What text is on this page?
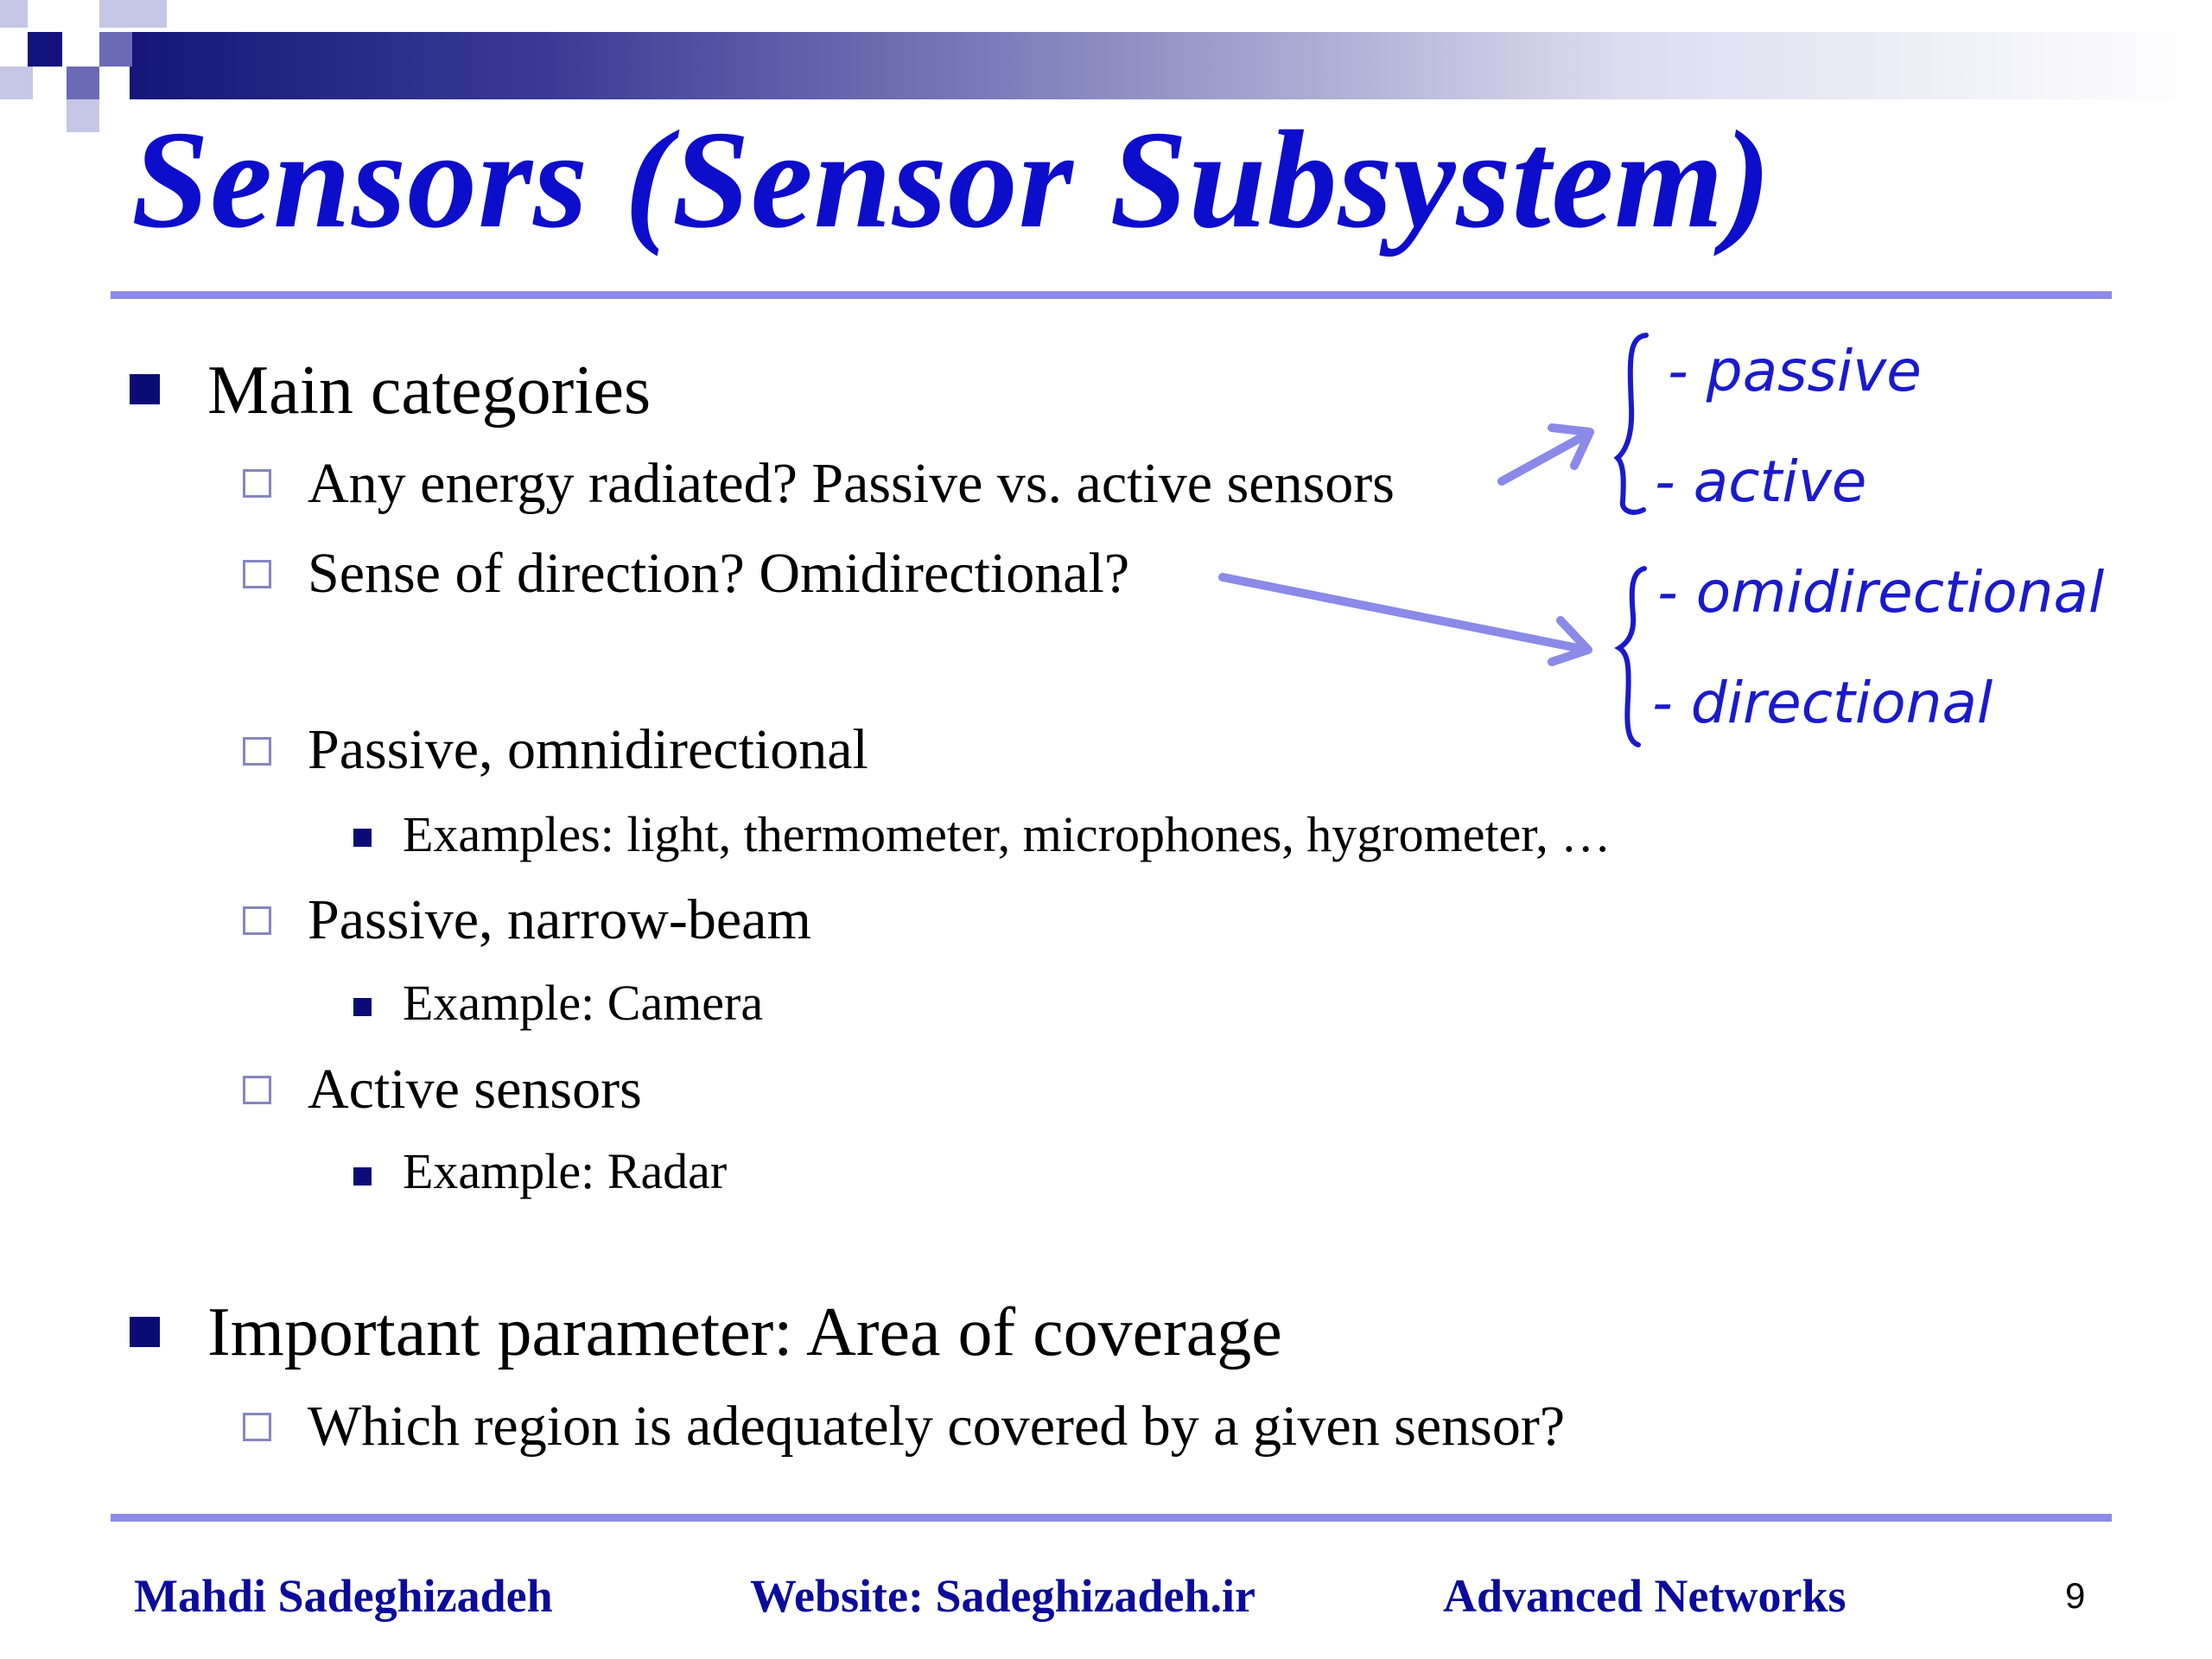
Sensors (Sensor Subsystem)
Main categories
Any energy radiated? Passive vs. active sensors
Sense of direction? Omidirectional?
Passive, omnidirectional
Examples: light, thermometer, microphones, hygrometer, …
Passive, narrow-beam
Example: Camera
Active sensors
Example: Radar
Important parameter: Area of coverage
Which region is adequately covered by a given sensor?
Mahdi Sadeghizadeh	Website: Sadeghizadeh.ir	Advanced Networks	9
- passive
- active
- omidirectional
- directional
